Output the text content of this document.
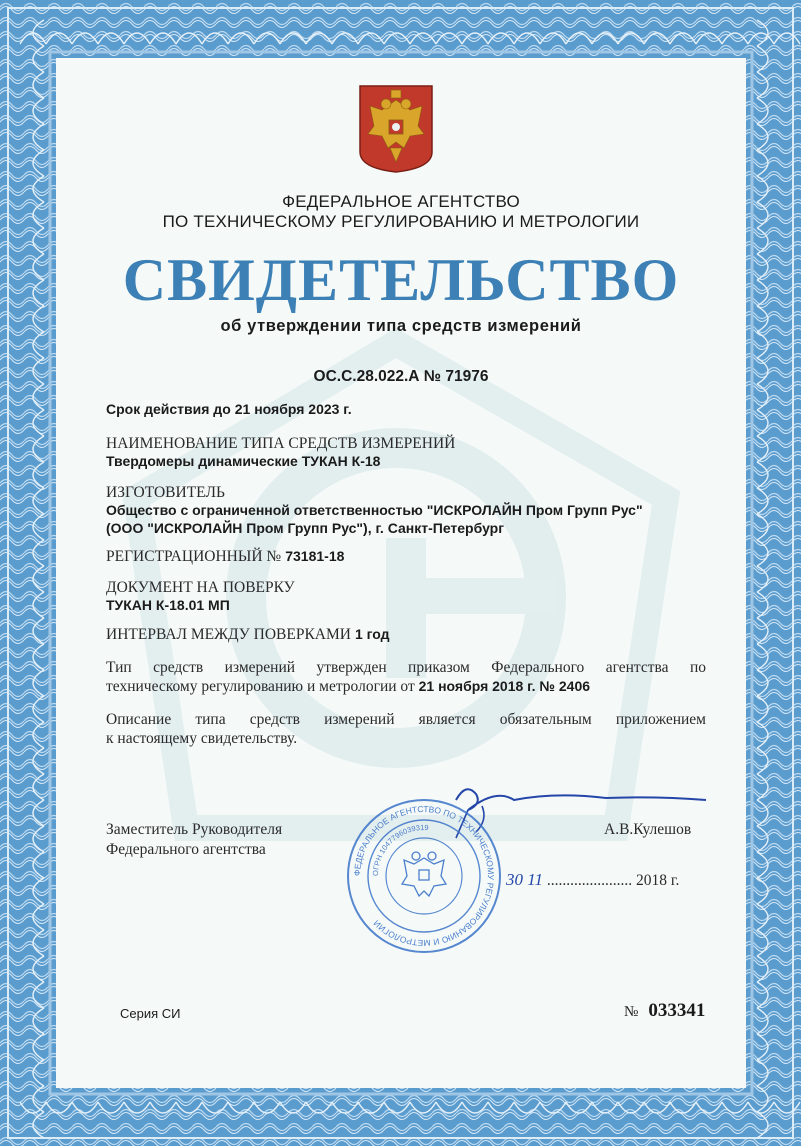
ФЕДЕРАЛЬНОЕ АГЕНТСТВО
ПО ТЕХНИЧЕСКОМУ РЕГУЛИРОВАНИЮ И МЕТРОЛОГИИ
СВИДЕТЕЛЬСТВО
об утверждении типа средств измерений
ОС.С.28.022.А № 71976
Срок действия до 21 ноября 2023 г.
НАИМЕНОВАНИЕ ТИПА СРЕДСТВ ИЗМЕРЕНИЙ
Твердомеры динамические ТУКАН К-18
ИЗГОТОВИТЕЛЬ
Общество с ограниченной ответственностью "ИСКРОЛАЙН Пром Групп Рус"
(ООО "ИСКРОЛАЙН Пром Групп Рус"), г. Санкт-Петербург
РЕГИСТРАЦИОННЫЙ № 73181-18
ДОКУМЕНТ НА ПОВЕРКУ
ТУКАН К-18.01 МП
ИНТЕРВАЛ МЕЖДУ ПОВЕРКАМИ 1 год
Тип средств измерений утвержден приказом Федерального агентства по
техническому регулированию и метрологии от 21 ноября 2018 г. № 2406
Описание типа средств измерений является обязательным приложением
к настоящему свидетельству.
Заместитель Руководителя
Федерального агентства
А.В.Кулешов
ФЕДЕРАЛЬНОЕ АГЕНТСТВО ПО ТЕХНИЧЕСКОМУ РЕГУЛИРОВАНИЮ И МЕТРОЛОГИИ
ОГРН 1047796039319
30 11 ...................... 2018 г.
Серия СИ	№ 033341
